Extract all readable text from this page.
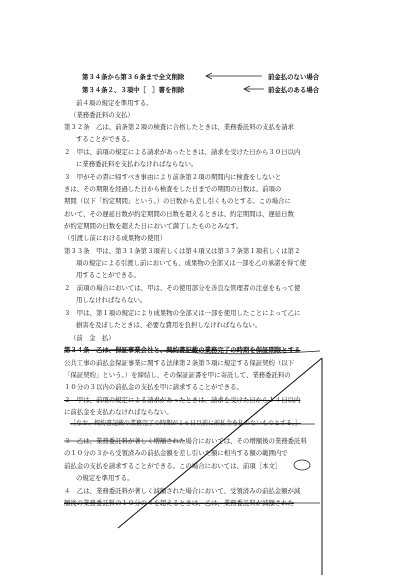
第３４条から第３６条まで全文削除	前金払のない場合
第３４条２、３項中［　］書を削除	前金払のある場合
前４項の規定を準用する。
（業務委託料の支払）
第３２条　乙は、前条第２項の検査に合格したときは、業務委託料の支払を請求
することができる。
２　甲は、前項の規定による請求があったときは、請求を受けた日から３０日以内
に業務委託料を支払わなければならない。
３　甲がその責に帰すべき事由により前条第２項の期間内に検査をしないと
きは、その期限を経過した日から検査をした日までの期間の日数は、前項の
期間（以下「約定期間」という。）の日数から差し引くものとする。この場合に
おいて、その遅延日数が約定期間の日数を超えるときは、約定期間は、遅延日数
が約定期間の日数を超えた日において満了したものとみなす。
（引渡し前における成果物の使用）
第３３条　甲は、第３１条第３項若しくは第４項又は第３７条第１項若しくは第２
項の規定による引渡し前においても、成果物の全部又は一部を乙の承諾を得て使
用することができる。
２　前項の場合においては、甲は、その使用部分を善良な管理者の注意をもって使
用しなければならない。
３　甲は、第１項の規定により成果物の全部又は一部を使用したことによって乙に
損害を及ぼしたときは、必要な費用を負担しなければならない。
（前　金　払）
第３４条　乙は、保証事業会社と、契約書記載の業務完了の時期を保証期限とする
公共工事の前払金保証事業に関する法律第２条第５項に規定する保証契約（以下
「保証契約」という。）を締結し、その保証証書を甲に寄託して、業務委託料の
１０分の３以内の前払金の支払を甲に請求することができる。
２　甲は、前項の規定による請求があったときは、請求を受けた日から１４日以内
に前払金を支払わなければならない。
［なお、契約書記載の業務完了の時期が１６日以前に前払金を払わないものとする。］
３　乙は、業務委託料が著しく増額された場合においては、その増額後の業務委託料
の１０分の３から受領済みの前払金額を差し引いた額に相当する額の範囲内で
前払金の支払を請求することができる。この場合においては、前項［本文］
の規定を準用する。
４　乙は、業務委託料が著しく減額された場合において、受領済みの前払金額が減
額後の業務委託料の１０分の４を超えるときは、乙は、業務委託料が減額された
